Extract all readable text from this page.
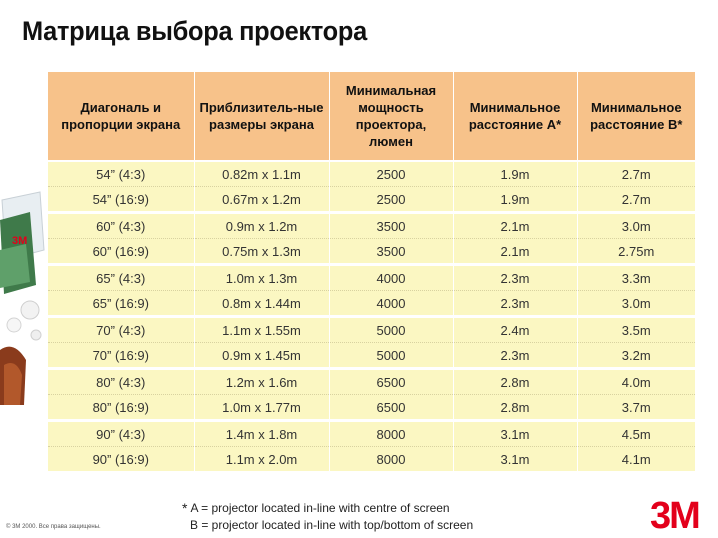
Матрица выбора проектора
3M
Диагональ и пропорции экрана	Приблизитель-ные размеры экрана	Минимальная мощность проектора, люмен	Минимальное расстояние А*	Минимальное расстояние В*
54” (4:3)	0.82m x 1.1m	2500	1.9m	2.7m
54” (16:9)	0.67m x 1.2m	2500	1.9m	2.7m
60” (4:3)	0.9m x 1.2m	3500	2.1m	3.0m
60” (16:9)	0.75m x 1.3m	3500	2.1m	2.75m
65” (4:3)	1.0m x 1.3m	4000	2.3m	3.3m
65” (16:9)	0.8m x 1.44m	4000	2.3m	3.0m
70” (4:3)	1.1m x 1.55m	5000	2.4m	3.5m
70” (16:9)	0.9m x 1.45m	5000	2.3m	3.2m
80” (4:3)	1.2m x 1.6m	6500	2.8m	4.0m
80” (16:9)	1.0m x 1.77m	6500	2.8m	3.7m
90” (4:3)	1.4m x 1.8m	8000	3.1m	4.5m
90” (16:9)	1.1m x 2.0m	8000	3.1m	4.1m
* A = projector located in-line with centre of screen
B = projector located in-line with top/bottom of screen
© 3M 2000. Все права защищены.	3M
